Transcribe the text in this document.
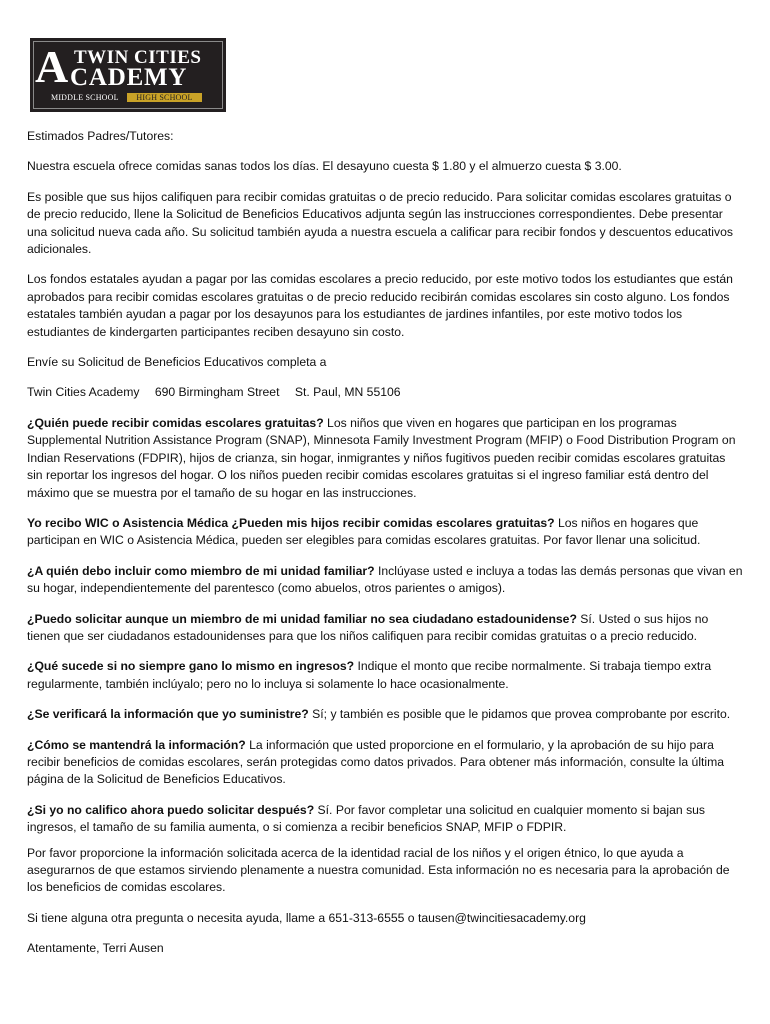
A TWIN CITIES
CADEMY
MIDDLE SCHOOL	HIGH SCHOOL

Estimados Padres/Tutores:

Nuestra escuela ofrece comidas sanas todos los días. El desayuno cuesta $ 1.80 y el almuerzo cuesta $ 3.00.

Es posible que sus hijos califiquen para recibir comidas gratuitas o de precio reducido. Para solicitar comidas escolares gratuitas o de precio reducido, llene la Solicitud de Beneficios Educativos adjunta según las instrucciones correspondientes. Debe presentar una solicitud nueva cada año. Su solicitud también ayuda a nuestra escuela a calificar para recibir fondos y descuentos educativos adicionales.

Los fondos estatales ayudan a pagar por las comidas escolares a precio reducido, por este motivo todos los estudiantes que están aprobados para recibir comidas escolares gratuitas o de precio reducido recibirán comidas escolares sin costo alguno. Los fondos estatales también ayudan a pagar por los desayunos para los estudiantes de jardines infantiles, por este motivo todos los estudiantes de kindergarten participantes reciben desayuno sin costo.

Envíe su Solicitud de Beneficios Educativos completa a

Twin Cities Academy 690 Birmingham Street St. Paul, MN 55106

¿Quién puede recibir comidas escolares gratuitas? Los niños que viven en hogares que participan en los programas Supplemental Nutrition Assistance Program (SNAP), Minnesota Family Investment Program (MFIP) o Food Distribution Program on Indian Reservations (FDPIR), hijos de crianza, sin hogar, inmigrantes y niños fugitivos pueden recibir comidas escolares gratuitas sin reportar los ingresos del hogar. O los niños pueden recibir comidas escolares gratuitas si el ingreso familiar está dentro del máximo que se muestra por el tamaño de su hogar en las instrucciones.

Yo recibo WIC o Asistencia Médica ¿Pueden mis hijos recibir comidas escolares gratuitas? Los niños en hogares que participan en WIC o Asistencia Médica, pueden ser elegibles para comidas escolares gratuitas. Por favor llenar una solicitud.

¿A quién debo incluir como miembro de mi unidad familiar? Inclúyase usted e incluya a todas las demás personas que vivan en su hogar, independientemente del parentesco (como abuelos, otros parientes o amigos).

¿Puedo solicitar aunque un miembro de mi unidad familiar no sea ciudadano estadounidense? Sí. Usted o sus hijos no tienen que ser ciudadanos estadounidenses para que los niños califiquen para recibir comidas gratuitas o a precio reducido.

¿Qué sucede si no siempre gano lo mismo en ingresos? Indique el monto que recibe normalmente. Si trabaja tiempo extra regularmente, también inclúyalo; pero no lo incluya si solamente lo hace ocasionalmente.

¿Se verificará la información que yo suministre? Sí; y también es posible que le pidamos que provea comprobante por escrito.

¿Cómo se mantendrá la información? La información que usted proporcione en el formulario, y la aprobación de su hijo para recibir beneficios de comidas escolares, serán protegidas como datos privados. Para obtener más información, consulte la última página de la Solicitud de Beneficios Educativos.

¿Si yo no califico ahora puedo solicitar después? Sí. Por favor completar una solicitud en cualquier momento si bajan sus ingresos, el tamaño de su familia aumenta, o si comienza a recibir beneficios SNAP, MFIP o FDPIR.

Por favor proporcione la información solicitada acerca de la identidad racial de los niños y el origen étnico, lo que ayuda a asegurarnos de que estamos sirviendo plenamente a nuestra comunidad. Esta información no es necesaria para la aprobación de los beneficios de comidas escolares.

Si tiene alguna otra pregunta o necesita ayuda, llame a 651-313-6555 o tausen@twincitiesacademy.org

Atentamente, Terri Ausen
